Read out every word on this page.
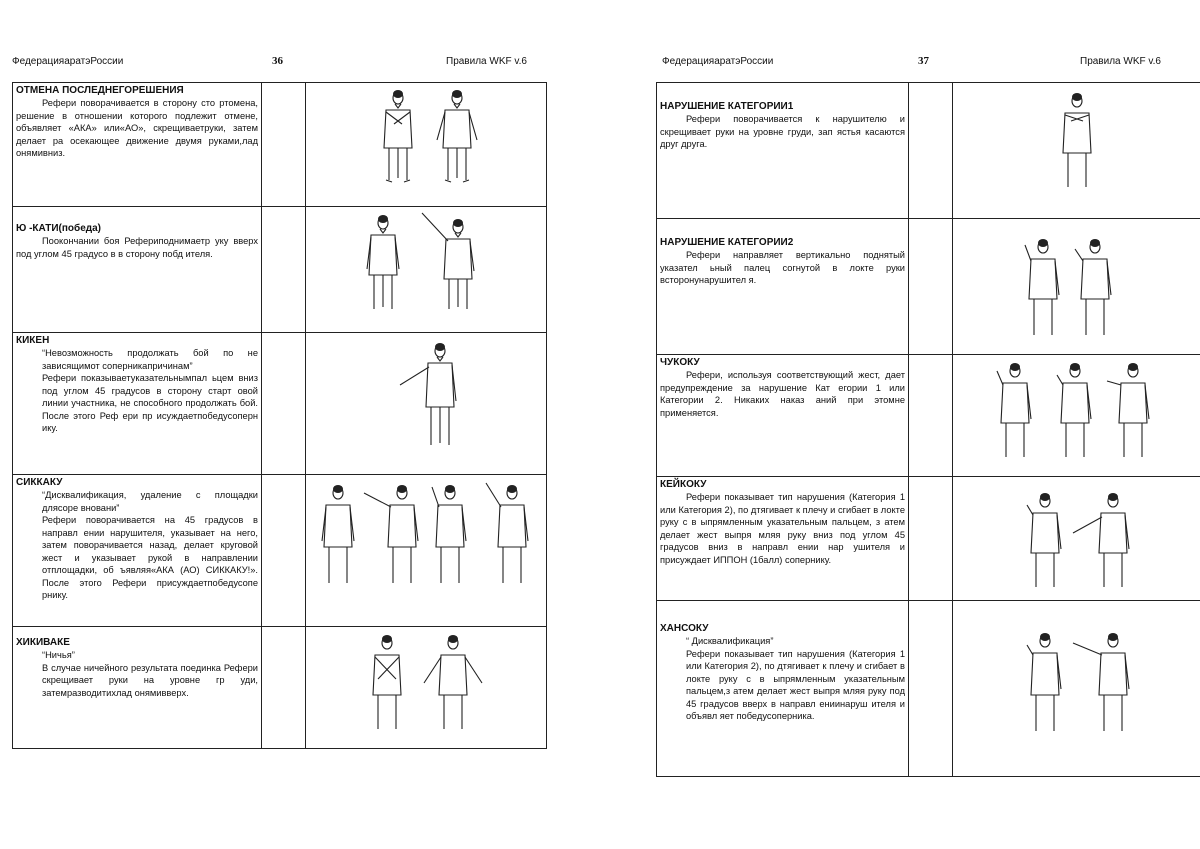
ФедерацияаратэРоссии	36	Правила WKF v.6
ОТМЕНА ПОСЛЕДНЕГОРЕШЕНИЯ

Рефери поворачивается в сторону сто ртомена, решение в отношении которого подлежит отмене, объявляет «АКА» или«АО», скрещиваетруки, затем делает ра осекающее движение двумя руками,лад онямивниз.

Ю -КАТИ(победа)

Поокончании боя Рефериподнимаетр уку вверх под углом 45 градусо в в сторону побд ителя.

КИКЕН

“Невозможность продолжать бой по не зависящимот соперникапричинам”

Рефери показываетуказательнымпал ьцем вниз под углом 45 градусов в сторону старт овой линии участника, не способного продолжать бой. После этого Реф ери пр исуждаетпобедусоперн ику.

СИККАКУ

“Дисквалификация, удаление с площадки длясоре вновани”

Рефери поворачивается на 45 градусов в направл ении нарушителя, указывает на него, затем поворачивается назад, делает круговой жест и указывает рукой в направлении отплощадки, об ъявляя«АКА (АО) СИККАКУ!». После этого Рефери присуждаетпобедусопе рнику.

ХИКИВАКЕ

“Ничья”

В случае ничейного результата поединка Рефери скрещивает руки на уровне гр уди, затемразводитихлад онямивверх.

ФедерацияаратэРоссии	37	Правила WKF v.6
НАРУШЕНИЕ КАТЕГОРИИ1

Рефери поворачивается к нарушителю и скрещивает руки на уровне груди, зап ястья касаются друг друга.

НАРУШЕНИЕ КАТЕГОРИИ2

Рефери направляет вертикально поднятый указател ьный палец согнутой в локте руки всторонунарушител я.

ЧУКОКУ

Рефери, используя соответствующий жест, дает предупреждение за нарушение Кат егории 1 или Категории 2. Никаких наказ аний при этомне применяется.

КЕЙКОКУ

Рефери показывает тип нарушения (Категория 1 или Категория 2), по дтягивает к плечу и сгибает в локте руку с в ыпрямленным указательным пальцем, з атем делает жест выпря мляя руку вниз под углом 45 градусов вниз в направл ении нар ушителя и присуждает ИППОН (1балл) сопернику.

ХАНСОКУ

“ Дисквалификация”

Рефери показывает тип нарушения (Категория 1 или Категория 2), по дтягивает к плечу и сгибает в локте руку с в ыпрямленным указательным пальцем,з атем делает жест выпря мляя руку под 45 градусов вверх в направл ениинаруш ителя и объявл яет победусоперника.
